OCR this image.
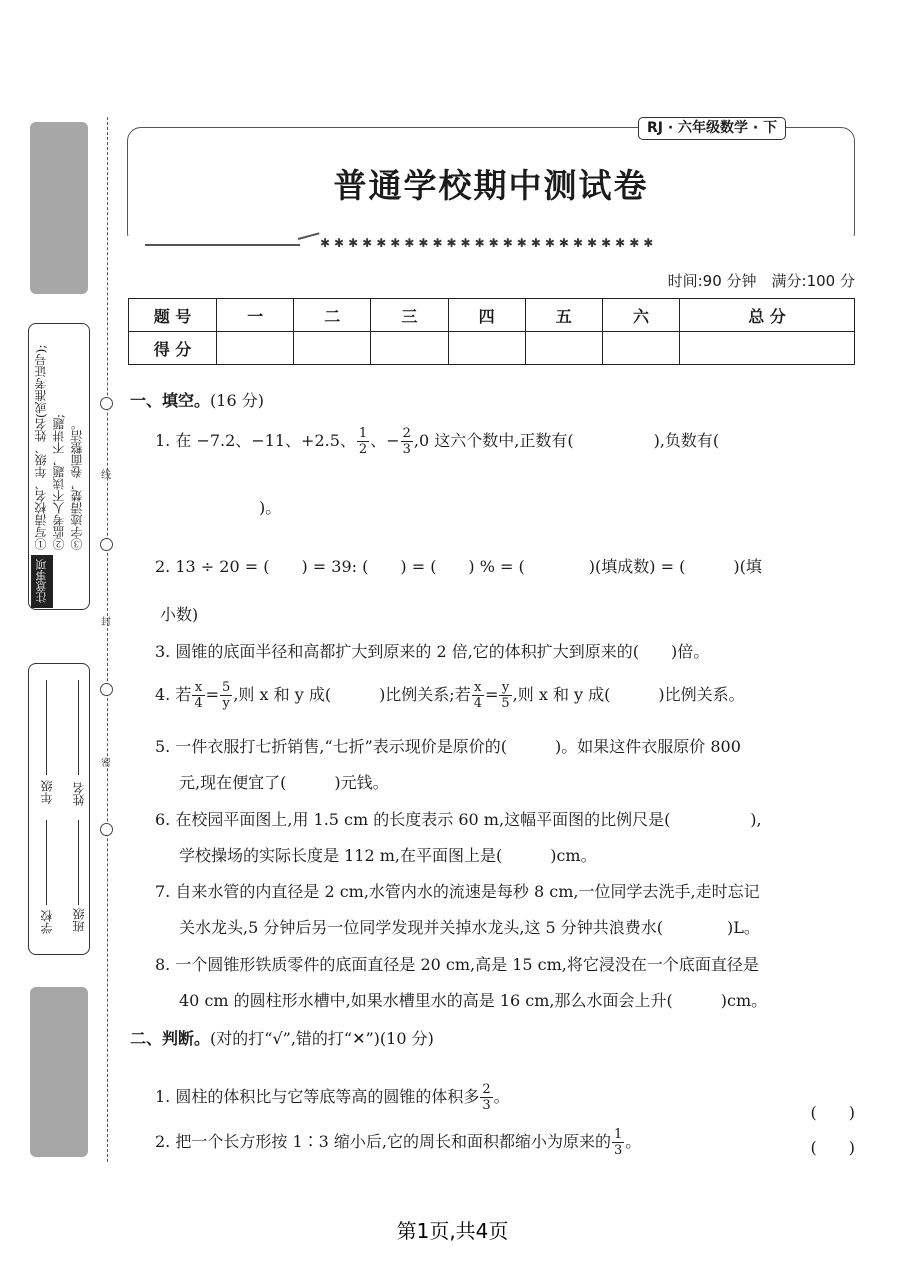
注意事项
①写清校名、年级、姓名(或准考证号); ②监考人不读题，不讲题; ③字迹清楚，卷面整洁。
年级 姓名
学校 班级
线
封
密
RJ · 六年级数学 · 下
普通学校期中测试卷
✱✱✱✱✱✱✱✱✱✱✱✱✱✱✱✱✱✱✱✱✱✱✱✱
时间:90 分钟　满分:100 分
题 号	一	二	三	四	五	六	总 分
得 分							
一、填空。(16 分)
1. 在 −7.2、−11、+2.5、 $\frac{1}{2}$ 、− $\frac{2}{3} ,0$ 这六个数中,正数有(　　　　　),负数有(
　　　　　)。
2. 13 ÷ 20 = (　　) = 39: (　　) = (　　) % = (　　　　)(填成数) = (　　　)(填
小数)
3. 圆锥的底面半径和高都扩大到原来的 2 倍,它的体积扩大到原来的(　　)倍。
4. 若 $\frac{x}{4} = \frac{5}{y}$ ,则 x 和 y 成(　　　)比例关系;若 $\frac{x}{4} = \frac{y}{5}$ ,则 x 和 y 成(　　　)比例关系。
5. 一件衣服打七折销售,“七折”表示现价是原价的(　　　)。如果这件衣服原价 800
元,现在便宜了(　　　)元钱。
6. 在校园平面图上,用 1.5 cm 的长度表示 60 m,这幅平面图的比例尺是(　　　　　),
学校操场的实际长度是 112 m,在平面图上是(　　　)cm。
7. 自来水管的内直径是 2 cm,水管内水的流速是每秒 8 cm,一位同学去洗手,走时忘记
关水龙头,5 分钟后另一位同学发现并关掉水龙头,这 5 分钟共浪费水(　　　　)L。
8. 一个圆锥形铁质零件的底面直径是 20 cm,高是 15 cm,将它浸没在一个底面直径是
40 cm 的圆柱形水槽中,如果水槽里水的高是 16 cm,那么水面会上升(　　　)cm。
二、判断。(对的打“√”,错的打“✕”)(10 分)
1. 圆柱的体积比与它等底等高的圆锥的体积多 $\frac{2}{3}$ 。
(　　)
2. 把一个长方形按 1∶3 缩小后,它的周长和面积都缩小为原来的 $\frac{1}{3}$ 。	(　　)
第1页,共4页
